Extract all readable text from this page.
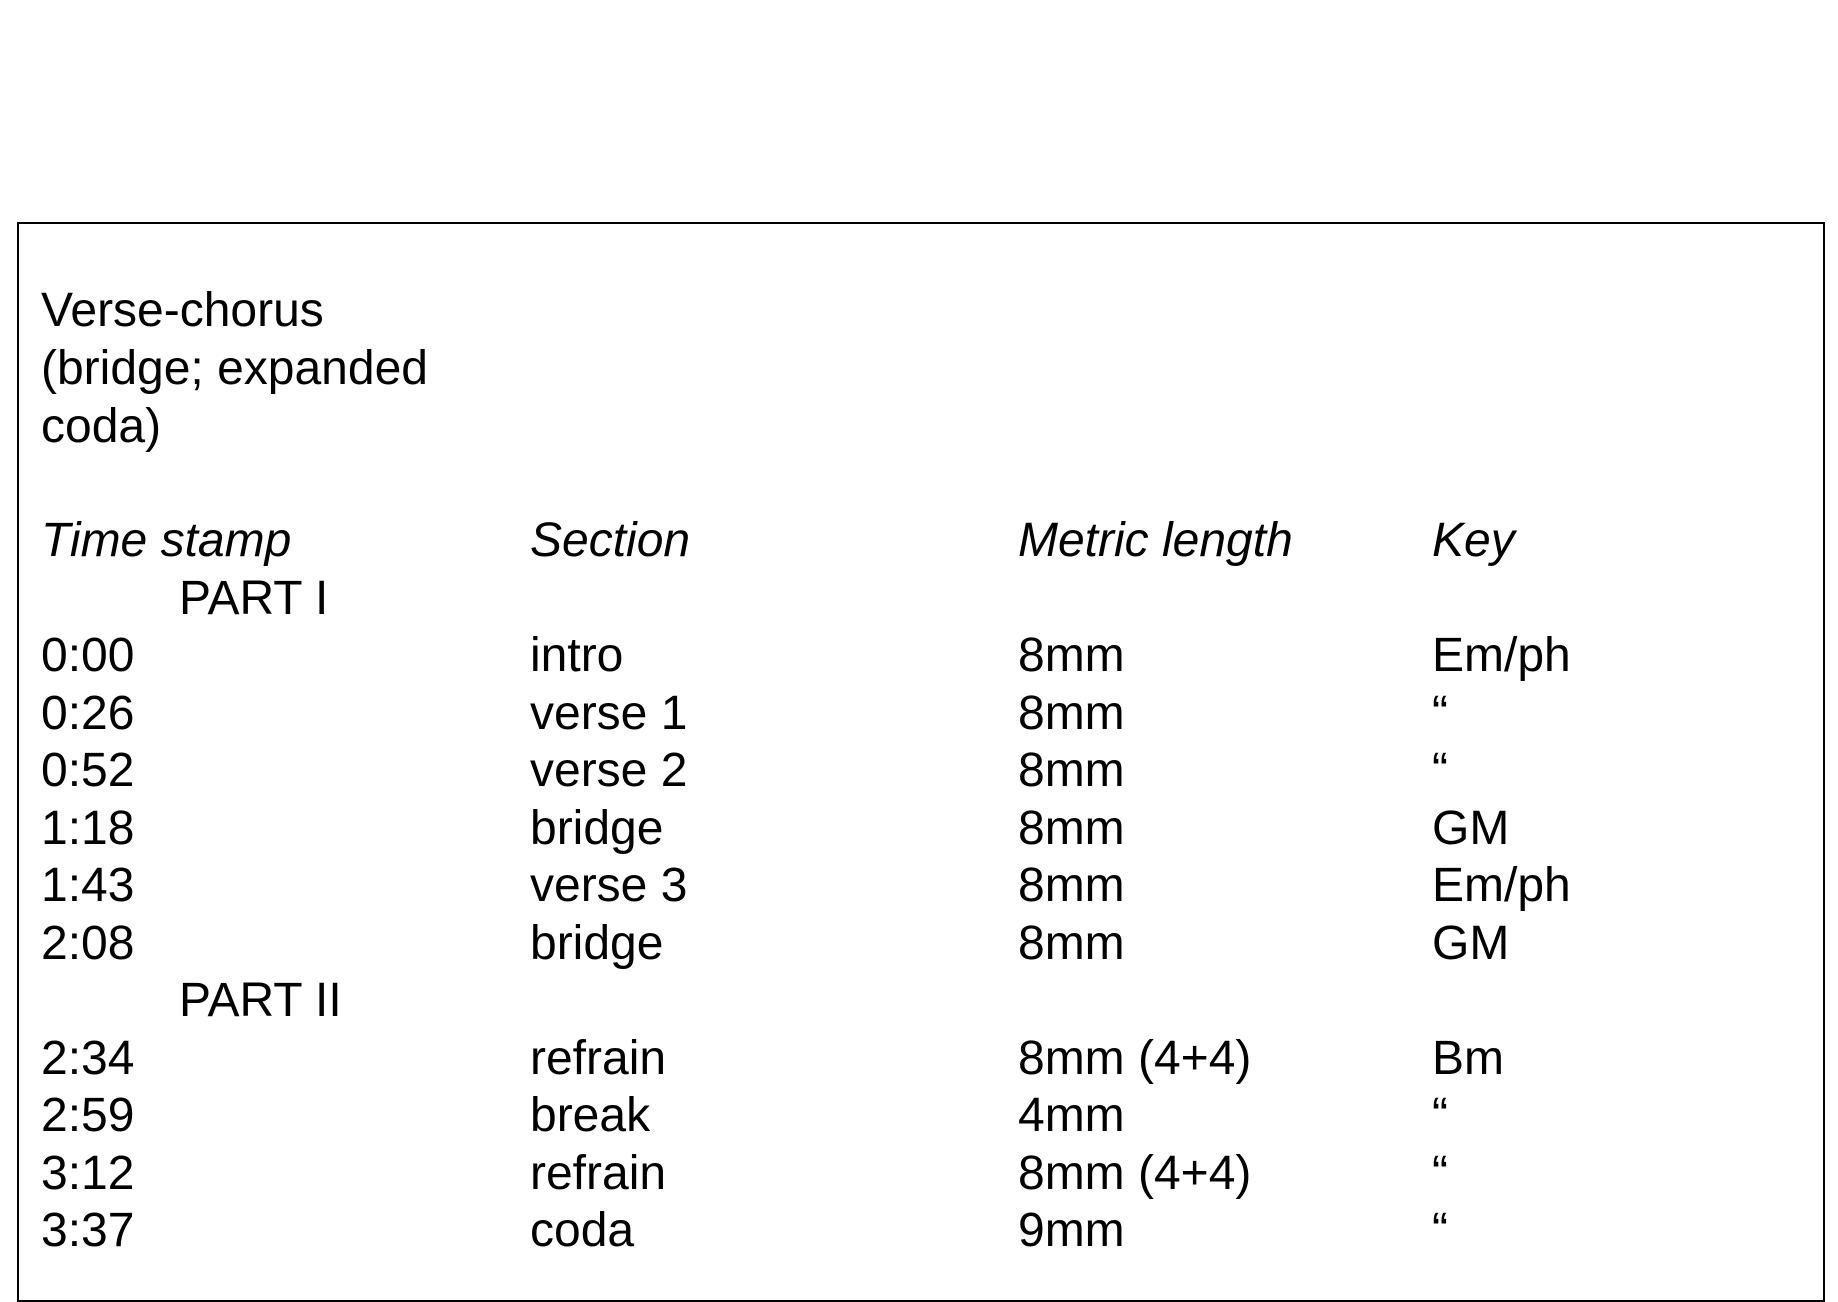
Verse-chorus
(bridge; expanded
coda)
Time stamp	Section	Metric length	Key
PART I
0:00	intro	8mm	Em/ph
0:26	verse 1	8mm	“
0:52	verse 2	8mm	“
1:18	bridge	8mm	GM
1:43	verse 3	8mm	Em/ph
2:08	bridge	8mm	GM
PART II
2:34	refrain	8mm (4+4)	Bm
2:59	break	4mm	“
3:12	refrain	8mm (4+4)	“
3:37	coda	9mm	“
